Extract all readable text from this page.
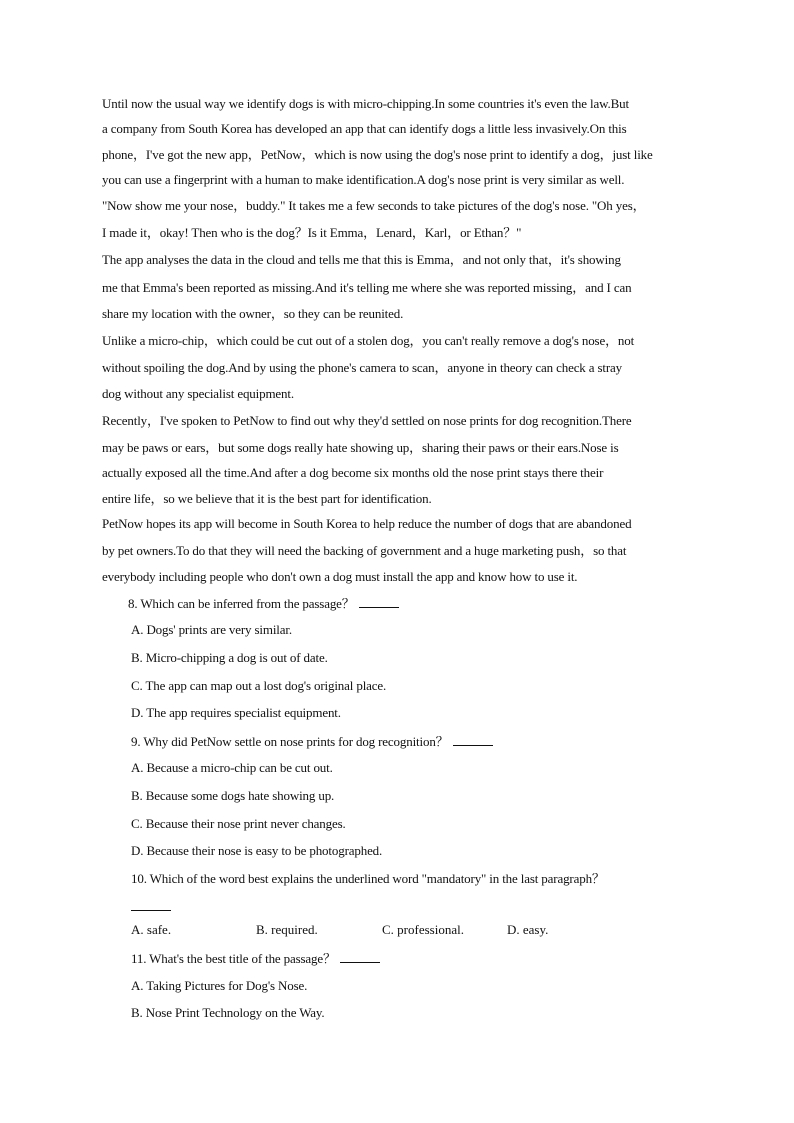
Until now the usual way we identify dogs is with micro-chipping.In some countries it's even the law.But
a company from South Korea has developed an app that can identify dogs a little less invasively.On this
phone，I've got the new app，PetNow，which is now using the dog's nose print to identify a dog，just like
you can use a fingerprint with a human to make identification.A dog's nose print is very similar as well.
"Now show me your nose，buddy." It takes me a few seconds to take pictures of the dog's nose. "Oh yes，
I made it，okay! Then who is the dog？Is it Emma，Lenard，Karl，or Ethan？"
The app analyses the data in the cloud and tells me that this is Emma，and not only that，it's showing
me that Emma's been reported as missing.And it's telling me where she was reported missing，and I can
share my location with the owner，so they can be reunited.
Unlike a micro-chip，which could be cut out of a stolen dog，you can't really remove a dog's nose，not
without spoiling the dog.And by using the phone's camera to scan，anyone in theory can check a stray
dog without any specialist equipment.
Recently，I've spoken to PetNow to find out why they'd settled on nose prints for dog recognition.There
may be paws or ears，but some dogs really hate showing up，sharing their paws or their ears.Nose is
actually exposed all the time.And after a dog become six months old the nose print stays there their
entire life，so we believe that it is the best part for identification.
PetNow hopes its app will become in South Korea to help reduce the number of dogs that are abandoned
by pet owners.To do that they will need the backing of government and a huge marketing push，so that
everybody including people who don't own a dog must install the app and know how to use it.
8. Which can be inferred from the passage？
A. Dogs' prints are very similar.
B. Micro-chipping a dog is out of date.
C. The app can map out a lost dog's original place.
D. The app requires specialist equipment.
9. Why did PetNow settle on nose prints for dog recognition？
A. Because a micro-chip can be cut out.
B. Because some dogs hate showing up.
C. Because their nose print never changes.
D. Because their nose is easy to be photographed.
10. Which of the word best explains the underlined word "mandatory" in the last paragraph？
A. safe.	B. required.	C. professional.	D. easy.
11. What's the best title of the passage？
A. Taking Pictures for Dog's Nose.
B. Nose Print Technology on the Way.
